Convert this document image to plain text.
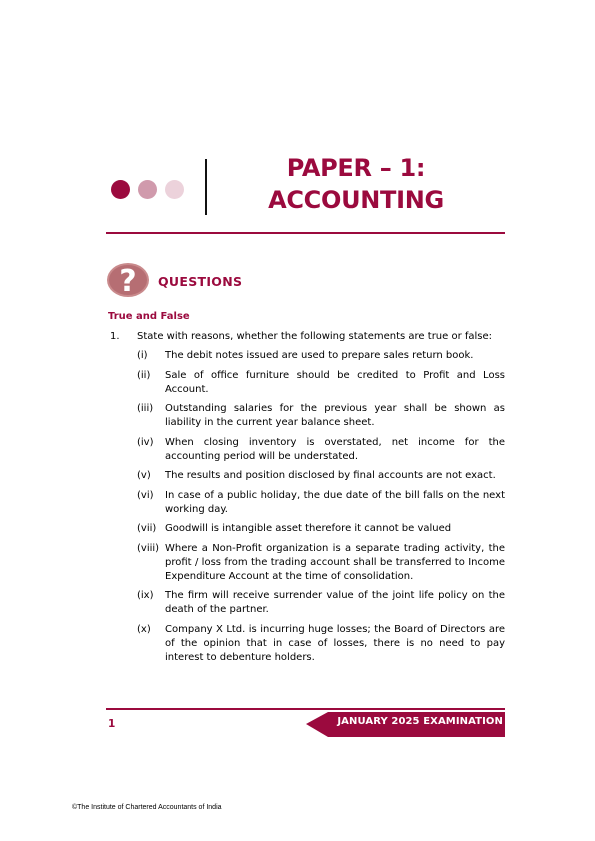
PAPER – 1:
ACCOUNTING
? QUESTIONS
True and False
1. State with reasons, whether the following statements are true or false:
(i)	The debit notes issued are used to prepare sales return book.
(ii)	Sale of office furniture should be credited to Profit and Loss Account.
(iii)	Outstanding salaries for the previous year shall be shown as liability in the current year balance sheet.
(iv)	When closing inventory is overstated, net income for the accounting period will be understated.
(v)	The results and position disclosed by final accounts are not exact.
(vi)	In case of a public holiday, the due date of the bill falls on the next working day.
(vii) Goodwill is intangible asset therefore it cannot be valued
(viii) Where a Non-Profit organization is a separate trading activity, the profit / loss from the trading account shall be transferred to Income Expenditure Account at the time of consolidation.
(ix)	The firm will receive surrender value of the joint life policy on the death of the partner.
(x)	Company X Ltd. is incurring huge losses; the Board of Directors are of the opinion that in case of losses, there is no need to pay interest to debenture holders.
1	JANUARY 2025 EXAMINATION
©The Institute of Chartered Accountants of India
